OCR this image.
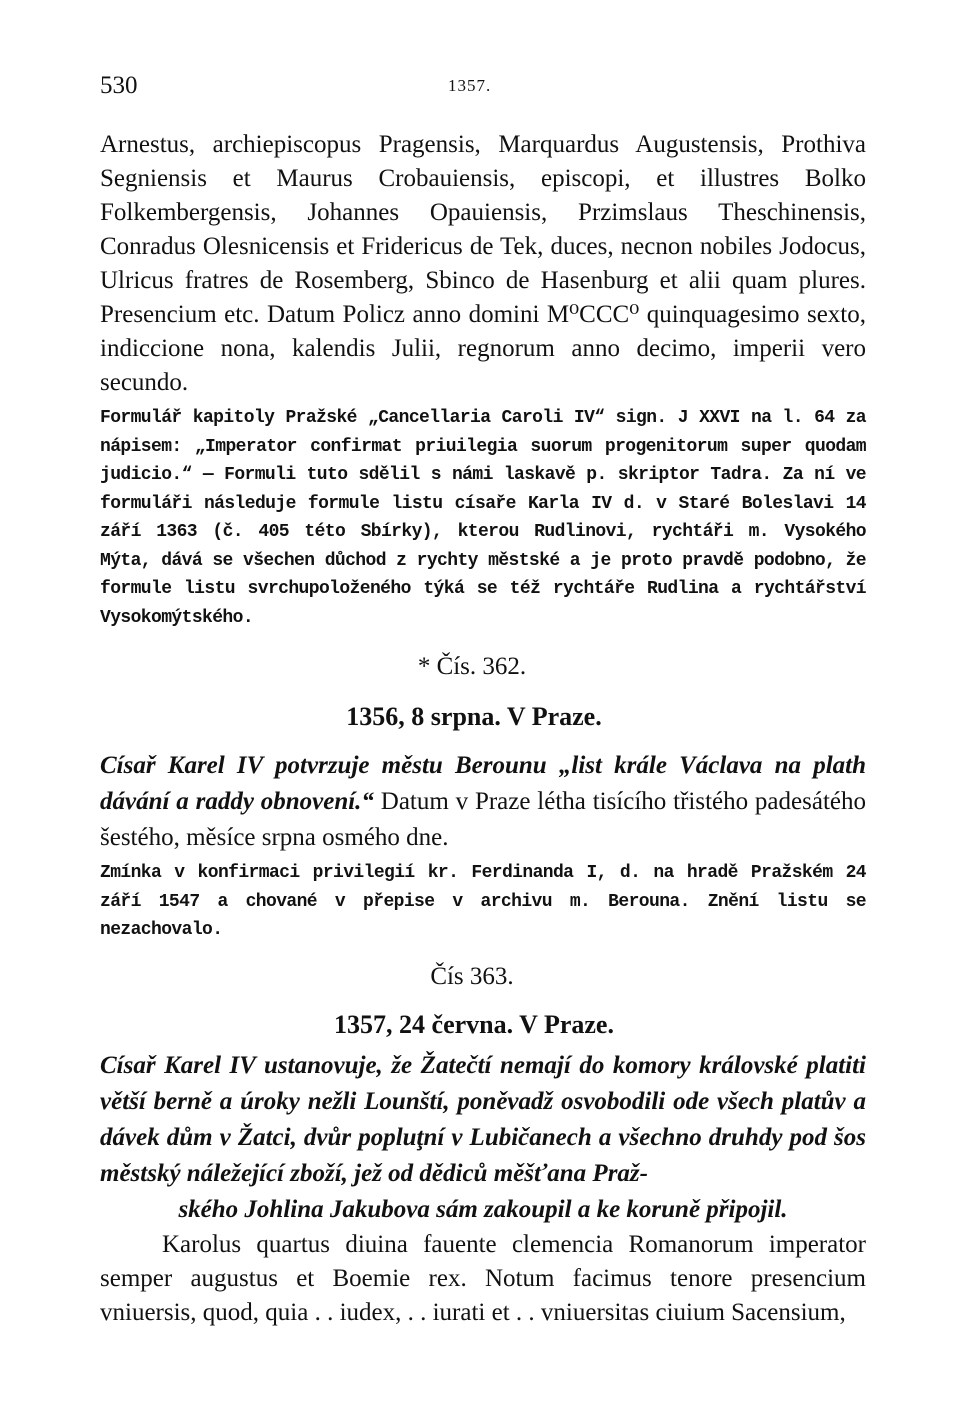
530	1357.

Arnestus, archiepiscopus Pragensis, Marquardus Augustensis, Prothiva Segniensis et Maurus Crobauiensis, episcopi, et illustres Bolko Folkembergensis, Johannes Opauiensis, Przimslaus Theschinensis, Conradus Olesnicensis et Fridericus de Tek, duces, necnon nobiles Jodocus, Ulricus fratres de Rosemberg, Sbinco de Hasenburg et alii quam plures. Presencium etc. Datum Policz anno domini M⁰CCC⁰ quinquagesimo sexto, indiccione nona, kalendis Julii, regnorum anno decimo, imperii vero secundo.

Formulář kapitoly Pražské „Cancellaria Caroli IV“ sign. J XXVI na l. 64 za nápisem: „Imperator confirmat priuilegia suorum progenitorum super quodam judicio.“ — Formuli tuto sdělil s námi laskavě p. skriptor Tadra. Za ní ve formuláři následuje formule listu císaře Karla IV d. v Staré Boleslavi 14 září 1363 (č. 405 této Sbírky), kterou Rudlinovi, rychtáři m. Vysokého Mýta, dává se všechen důchod z rychty městské a je proto pravdě podobno, že formule listu svrchupoloženého týká se též rychtáře Rudlina a rychtářství Vysokomýtského.

* Čís. 362.
1356, 8 srpna. V Praze.

Císař Karel IV potvrzuje městu Berounu „list krále Václava na plath dávání a raddy obnovení.“ Datum v Praze létha tisícího třistého padesátého šestého, měsíce srpna osmého dne.

Zmínka v konfirmaci privilegií kr. Ferdinanda I, d. na hradě Pražském 24 září 1547 a chované v přepise v archivu m. Berouna. Znění listu se nezachovalo.

Čís 363.
1357, 24 června. V Praze.

Císař Karel IV ustanovuje, že Žatečtí nemají do komory královské platiti větší berně a úroky nežli Lounští, poněvadž osvobodili ode všech platův a dávek dům v Žatci, dvůr popluţní v Lubičanech a všechno druhdy pod šos městský náležející zboží, jež od dědiců měšťana Praž-

ského Johlina Jakubova sám zakoupil a ke koruně připojil.

Karolus quartus diuina fauente clemencia Romanorum imperator semper augustus et Boemie rex. Notum facimus tenore presencium vniuersis, quod, quia . . iudex, . . iurati et . . vniuersitas ciuium Sacensium,
